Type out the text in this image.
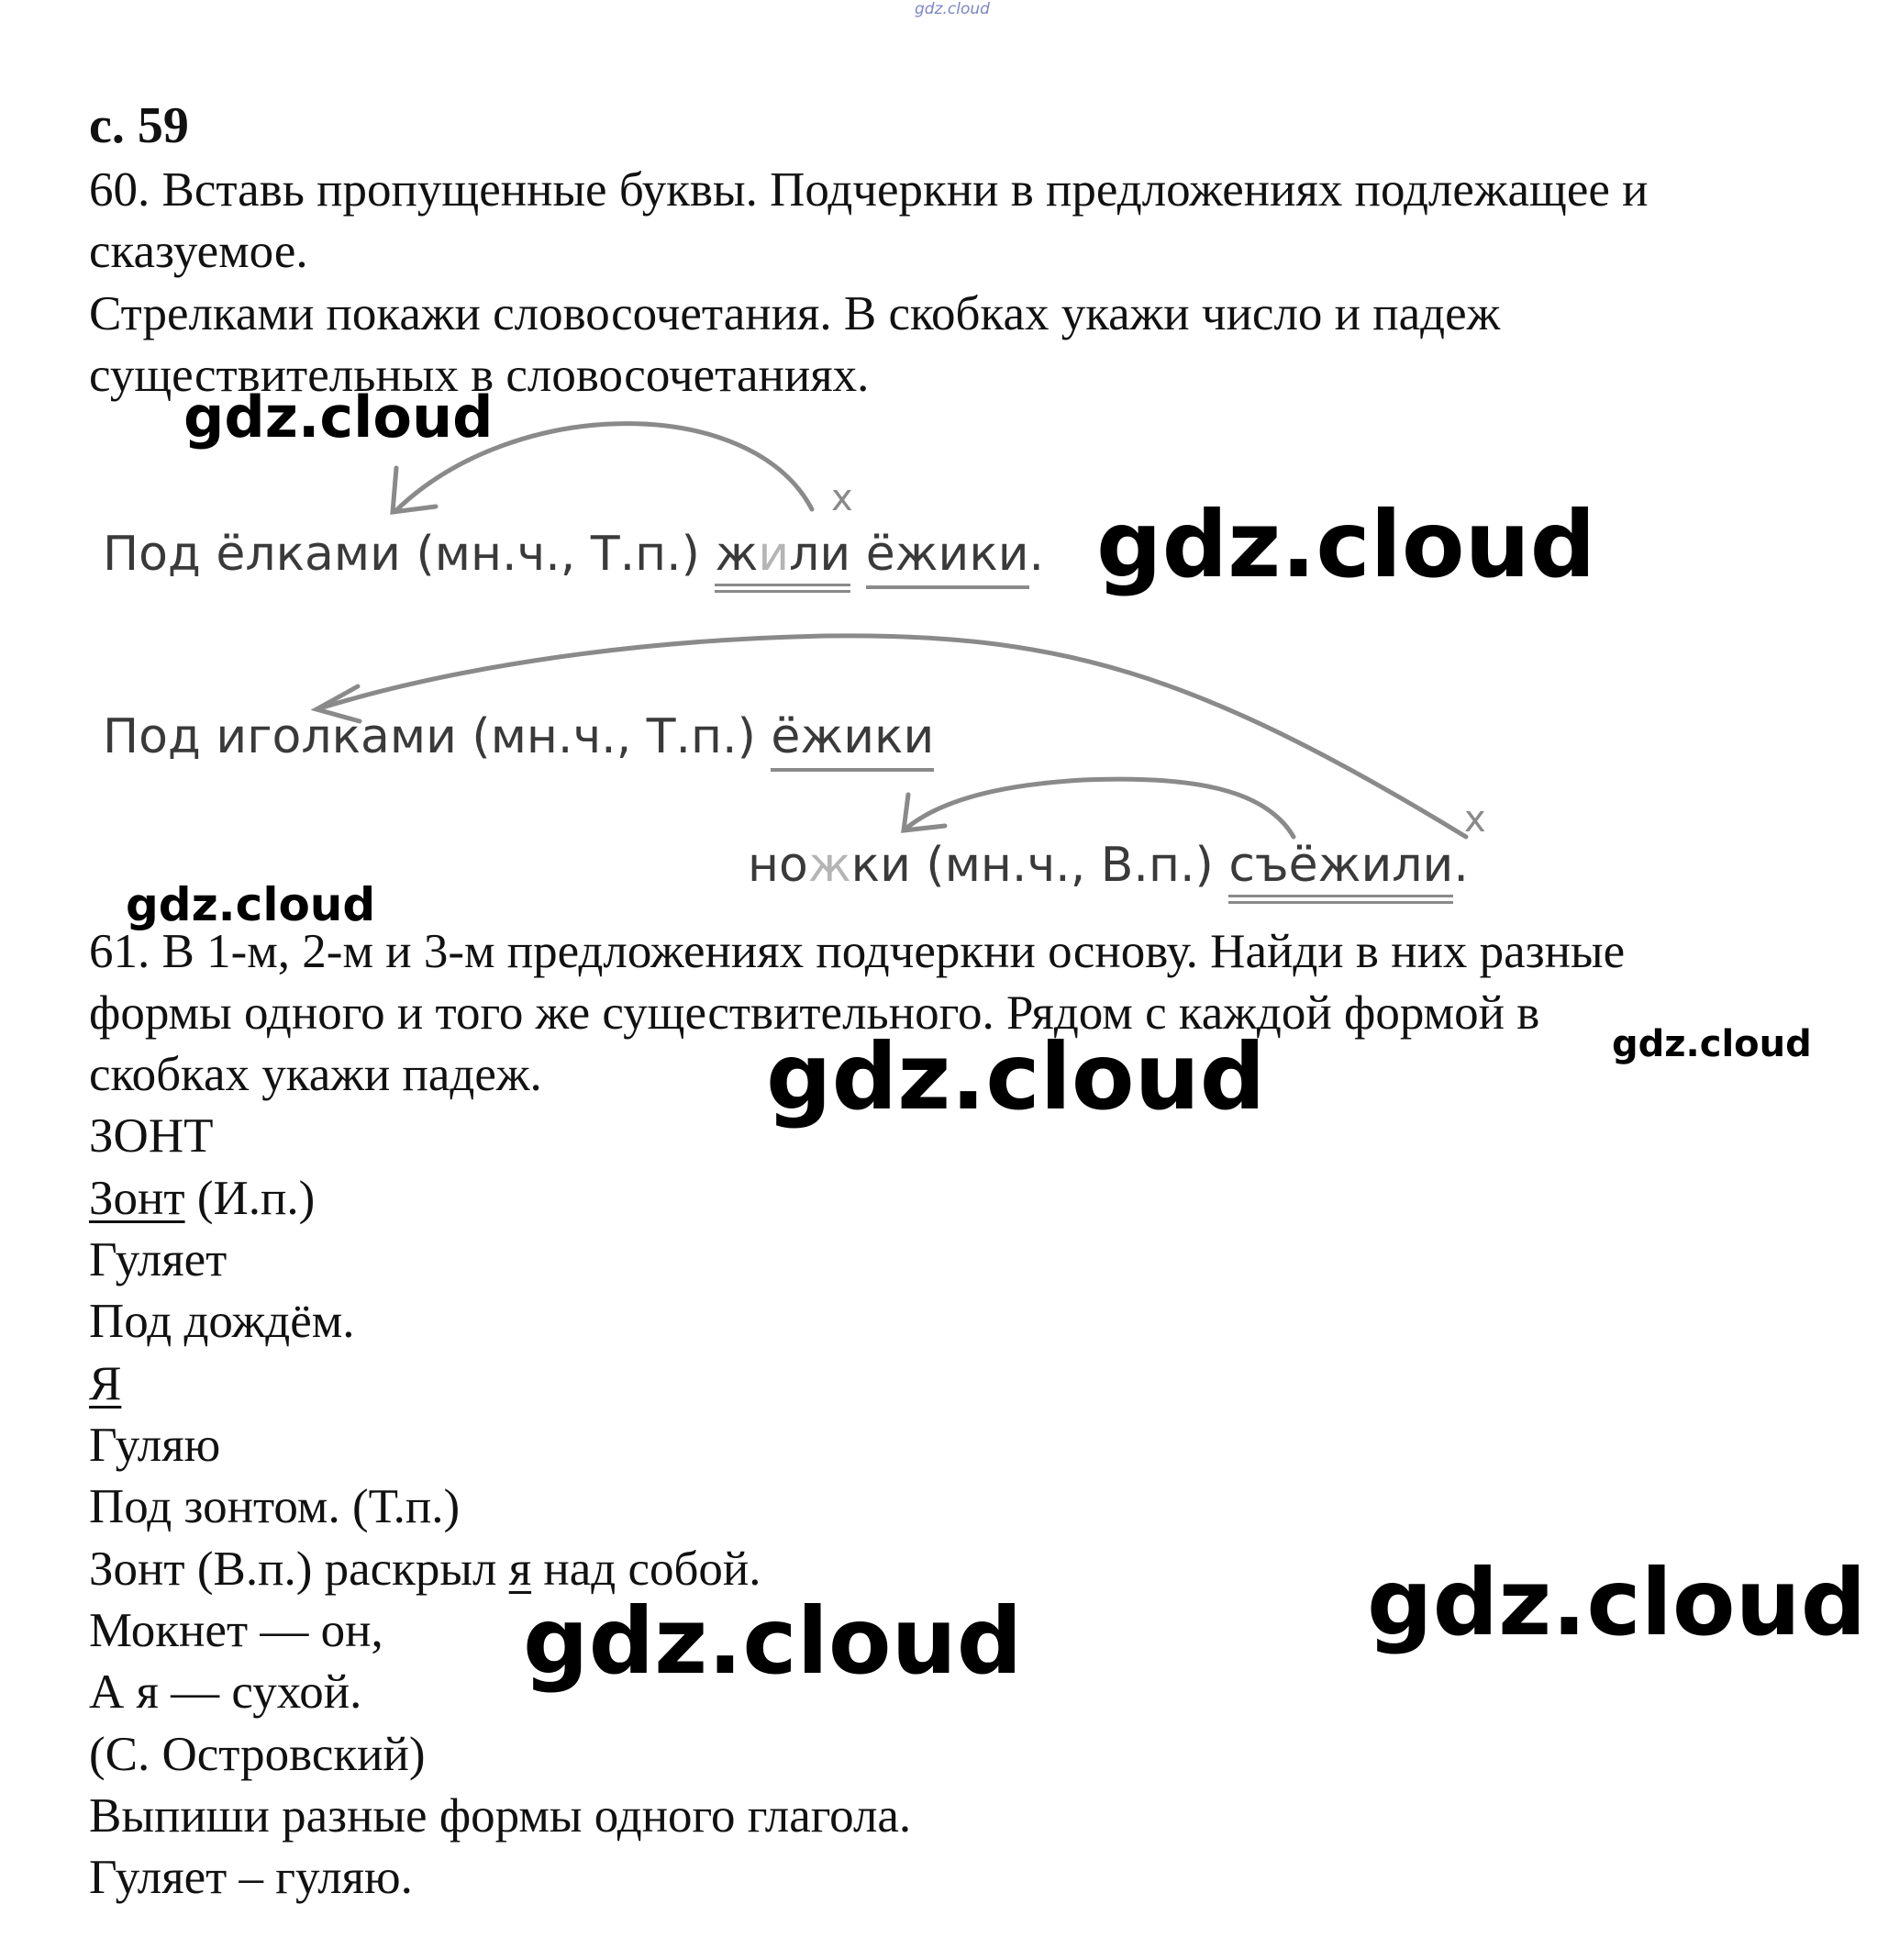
gdz.cloud
с. 59
60. Вставь пропущенные буквы. Подчеркни в предложениях подлежащее и
сказуемое.
Стрелками покажи словосочетания. В скобках укажи число и падеж
существительных в словосочетаниях.
x
x
Под ёлками (мн.ч., Т.п.) жили ёжики.
Под иголками (мн.ч., Т.п.) ёжики
ножки (мн.ч., В.п.) съёжили.
61. В 1-м, 2-м и 3-м предложениях подчеркни основу. Найди в них разные
формы одного и того же существительного. Рядом с каждой формой в
скобках укажи падеж.
ЗОНТ
Зонт (И.п.)
Гуляет
Под дождём.
Я
Гуляю
Под зонтом. (Т.п.)
Зонт (В.п.) раскрыл я над собой.
Мокнет — он,
А я — сухой.
(С. Островский)
Выпиши разные формы одного глагола.
Гуляет – гуляю.
gdz.cloud
gdz.cloud
gdz.cloud
gdz.cloud	gdz.cloud
gdz.cloud
gdz.cloud
